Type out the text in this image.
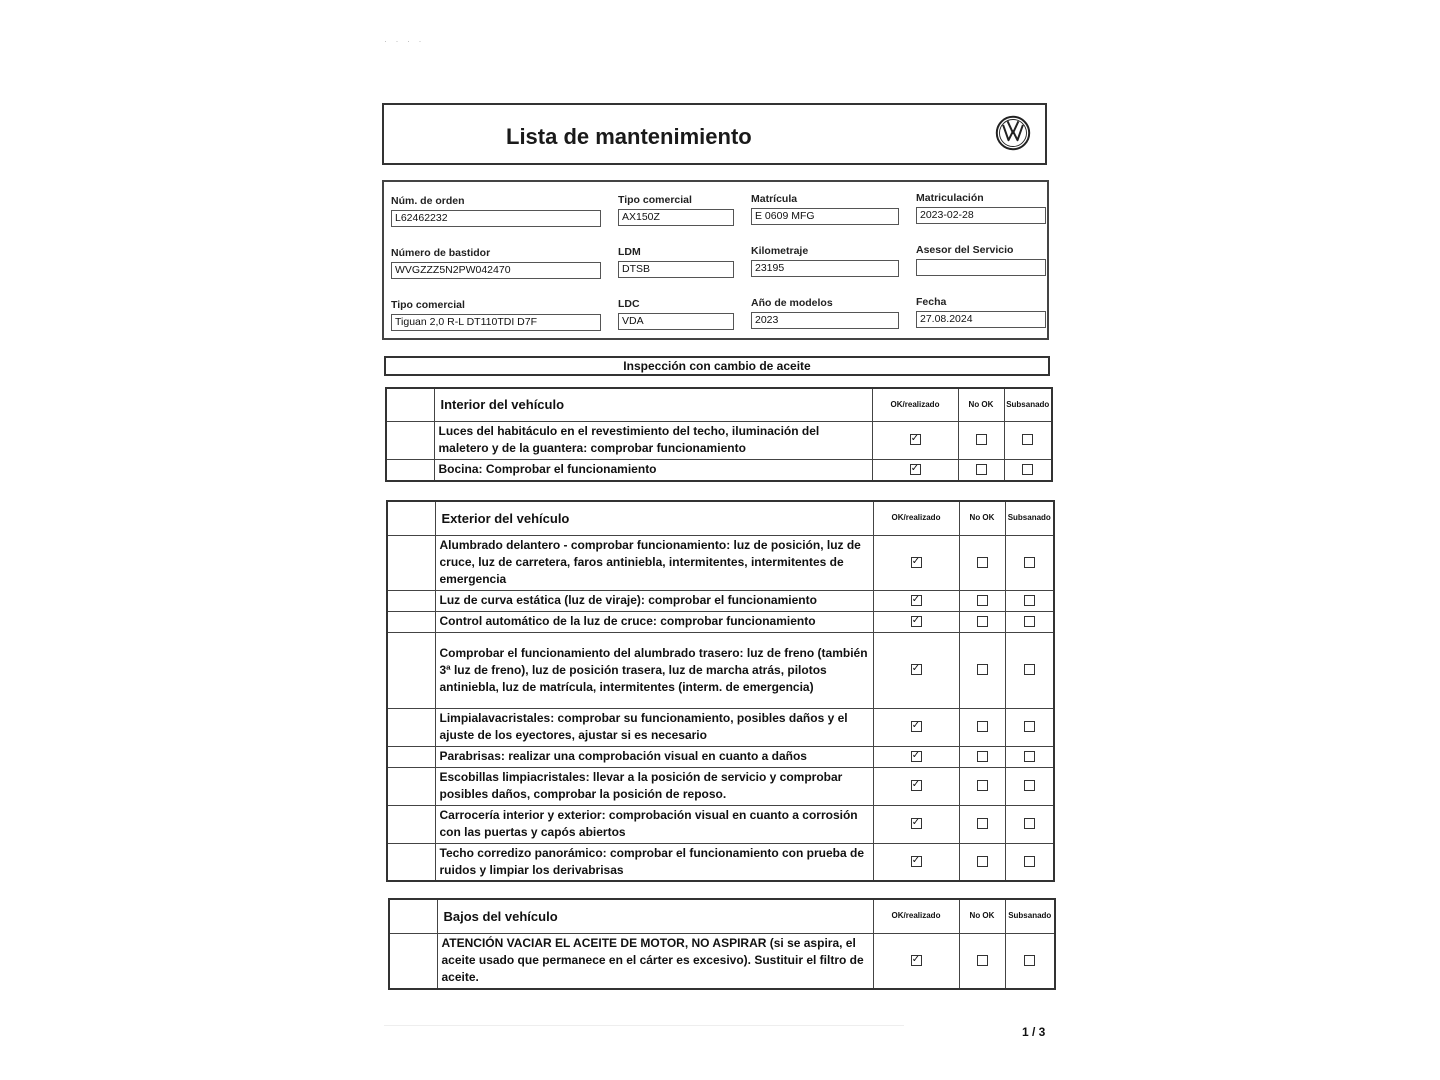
· · · ·
Lista de mantenimiento
Núm. de orden
L62462232
Tipo comercial
AX150Z
Matrícula
E 0609 MFG
Matriculación
2023-02-28
Número de bastidor
WVGZZZ5N2PW042470
LDM
DTSB
Kilometraje
23195
Asesor del Servicio
Tipo comercial
Tiguan 2,0 R-L DT110TDI D7F
LDC
VDA
Año de modelos
2023
Fecha
27.08.2024
Inspección con cambio de aceite
	Interior del vehículo	OK/realizado	No OK	Subsanado
	Luces del habitáculo en el revestimiento del techo, iluminación del maletero y de la guantera: comprobar funcionamiento	✓		
	Bocina: Comprobar el funcionamiento	✓		
	Exterior del vehículo	OK/realizado	No OK	Subsanado
	Alumbrado delantero - comprobar funcionamiento: luz de posición, luz de cruce, luz de carretera, faros antiniebla, intermitentes, intermitentes de emergencia	✓		
	Luz de curva estática (luz de viraje): comprobar el funcionamiento	✓		
	Control automático de la luz de cruce: comprobar funcionamiento	✓		
	Comprobar el funcionamiento del alumbrado trasero: luz de freno (también 3ª luz de freno), luz de posición trasera, luz de marcha atrás, pilotos antiniebla, luz de matrícula, intermitentes (interm. de emergencia)	✓		
	Limpialavacristales: comprobar su funcionamiento, posibles daños y el ajuste de los eyectores, ajustar si es necesario	✓		
	Parabrisas: realizar una comprobación visual en cuanto a daños	✓		
	Escobillas limpiacristales: llevar a la posición de servicio y comprobar posibles daños, comprobar la posición de reposo.	✓		
	Carrocería interior y exterior: comprobación visual en cuanto a corrosión con las puertas y capós abiertos	✓		
	Techo corredizo panorámico: comprobar el funcionamiento con prueba de ruidos y limpiar los derivabrisas	✓		
	Bajos del vehículo	OK/realizado	No OK	Subsanado
	ATENCIÓN VACIAR EL ACEITE DE MOTOR, NO ASPIRAR (si se aspira, el aceite usado que permanece en el cárter es excesivo). Sustituir el filtro de aceite.	✓		
1 / 3
